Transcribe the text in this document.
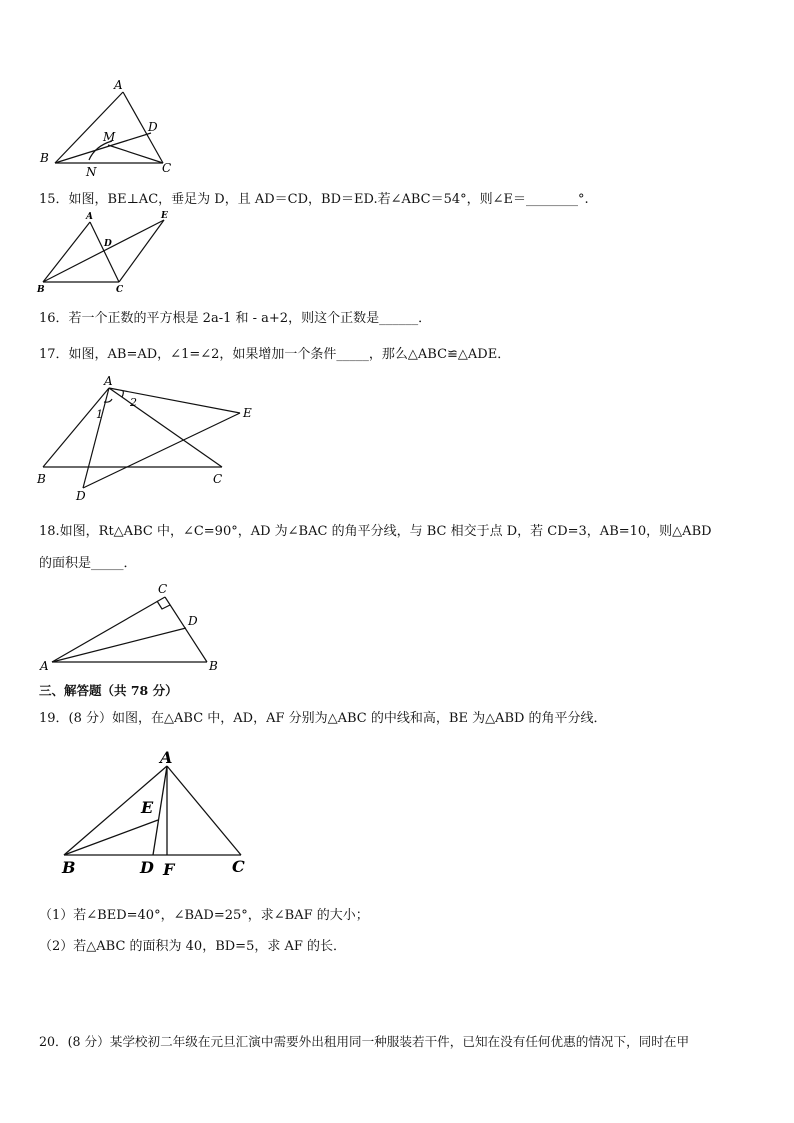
A
D
M
B
N	C
15．如图，BE⊥AC，垂足为 D，且 AD＝CD，BD＝ED.若∠ABC＝54°，则∠E＝________°.
A	E
D
B	C
16．若一个正数的平方根是 2a-1 和 - a+2，则这个正数是______．
17．如图，AB=AD，∠1=∠2，如果增加一个条件_____，那么△ABC≌△ADE．
A
1
2
E
B	C
D
18.如图，Rt△ABC 中，∠C=90°，AD 为∠BAC 的角平分线，与 BC 相交于点 D，若 CD=3，AB=10，则△ABD
的面积是_____．
C
D
A	B
三、解答题（共 78 分）
19．(8 分）如图，在△ABC 中，AD，AF 分别为△ABC 的中线和高，BE 为△ABD 的角平分线．
A
E
B	D F	C
（1）若∠BED=40°，∠BAD=25°，求∠BAF 的大小；
（2）若△ABC 的面积为 40，BD=5，求 AF 的长．
20．(8 分）某学校初二年级在元旦汇演中需要外出租用同一种服装若干件，已知在没有任何优惠的情况下，同时在甲
